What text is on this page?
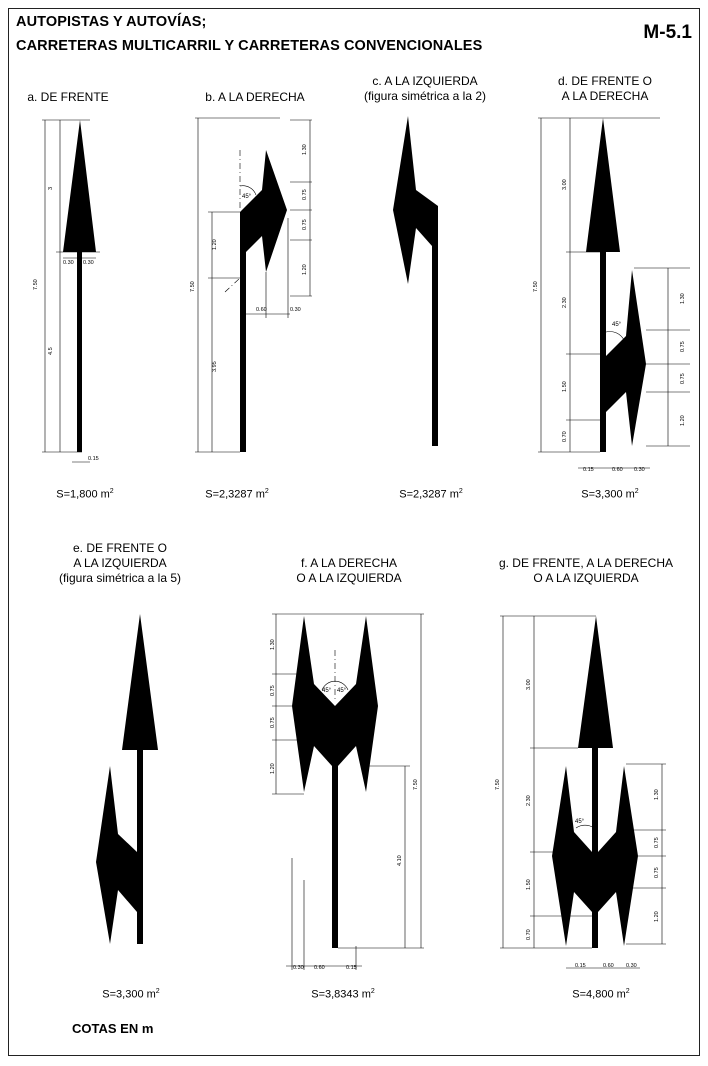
AUTOPISTAS Y AUTOVÍAS;
CARRETERAS MULTICARRIL Y CARRETERAS CONVENCIONALES
M-5.1
a. DE FRENTE	b. A LA DERECHA
c. A LA IZQUIERDA
(figura simétrica a la 2)
d. DE FRENTE O
A LA DERECHA
e. DE FRENTE O
A LA IZQUIERDA
(figura simétrica a la 5)
f. A LA DERECHA
O A LA IZQUIERDA
g. DE FRENTE, A LA DERECHA
O A LA IZQUIERDA
S=1,800 $m^2$	S=2,3287 $m^2$	S=2,3287 $m^2$	S=3,300 $m^2$
S=3,300 $m^2$	S=3,8343 $m^2$	S=4,800 $m^2$
COTAS EN m
7.50
3
4.5
0.30 0.30
0.15
1.30
0.75
0.75
1.20
7.50
1.20
3.95
0.60	0.30
45°
7.50
3.00
2.30
1.50
0.70
1.30
0.75
0.75
1.20
45°
0.15	0.60 0.30
45° 45°
1.30
0.75
0.75
1.20
4.10
7.50
0.30 0.60	0.15
7.50
3.00
2.30
1.50
0.70
1.30
0.75
0.75
1.20
45°
0.15	0.60 0.30
